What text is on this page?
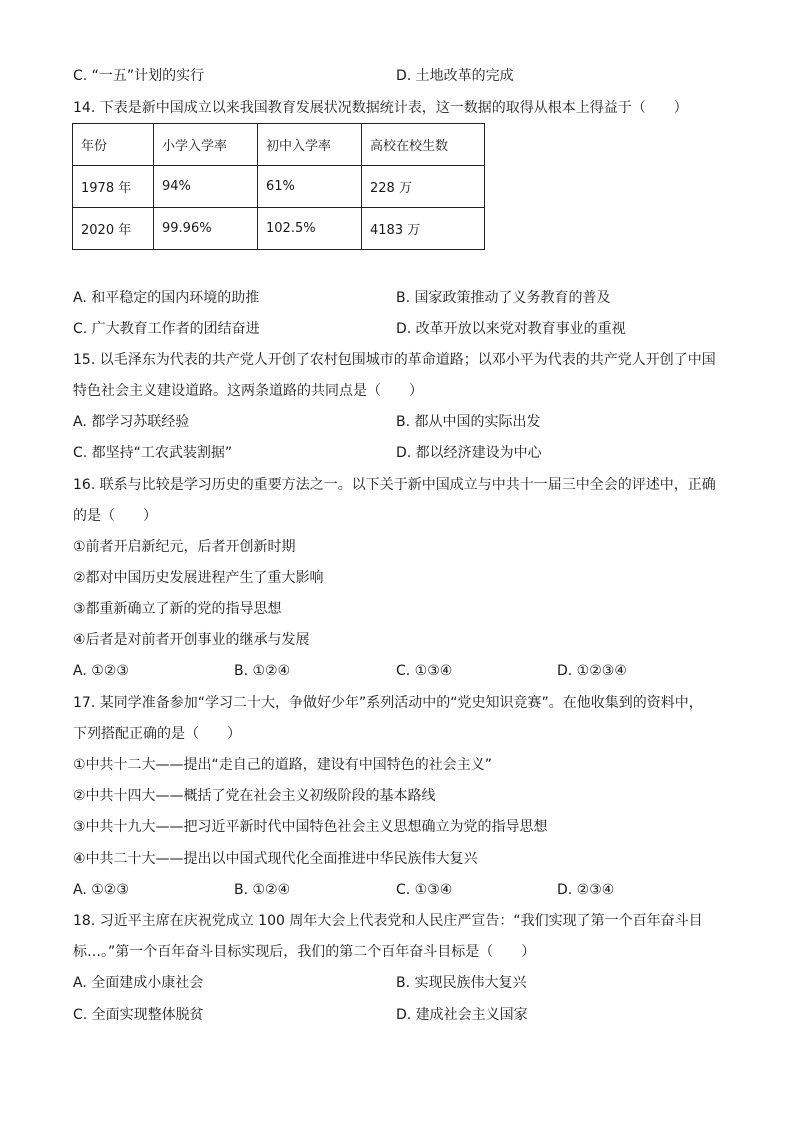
C. “一五”计划的实行	D. 土地改革的完成
14. 下表是新中国成立以来我国教育发展状况数据统计表，这一数据的取得从根本上得益于（　　）
年份	小学入学率	初中入学率	高校在校生数
1978 年	94%	61%	228 万
2020 年	99.96%	102.5%	4183 万
A. 和平稳定的国内环境的助推	B. 国家政策推动了义务教育的普及
C. 广大教育工作者的团结奋进	D. 改革开放以来党对教育事业的重视
15. 以毛泽东为代表的共产党人开创了农村包围城市的革命道路；以邓小平为代表的共产党人开创了中国
特色社会主义建设道路。这两条道路的共同点是（　　）
A. 都学习苏联经验	B. 都从中国的实际出发
C. 都坚持“工农武装割据”	D. 都以经济建设为中心
16. 联系与比较是学习历史的重要方法之一。以下关于新中国成立与中共十一届三中全会的评述中，正确
的是（　　）
①前者开启新纪元，后者开创新时期
②都对中国历史发展进程产生了重大影响
③都重新确立了新的党的指导思想
④后者是对前者开创事业的继承与发展
A. ①②③	B. ①②④	C. ①③④	D. ①②③④
17. 某同学准备参加“学习二十大，争做好少年”系列活动中的“党史知识竞赛”。在他收集到的资料中，
下列搭配正确的是（　　）
①中共十二大——提出“走自己的道路，建设有中国特色的社会主义”
②中共十四大——概括了党在社会主义初级阶段的基本路线
③中共十九大——把习近平新时代中国特色社会主义思想确立为党的指导思想
④中共二十大——提出以中国式现代化全面推进中华民族伟大复兴
A. ①②③	B. ①②④	C. ①③④	D. ②③④
18. 习近平主席在庆祝党成立 100 周年大会上代表党和人民庄严宣告：“我们实现了第一个百年奋斗目
标…。”第一个百年奋斗目标实现后，我们的第二个百年奋斗目标是（　　）
A. 全面建成小康社会	B. 实现民族伟大复兴
C. 全面实现整体脱贫	D. 建成社会主义国家
